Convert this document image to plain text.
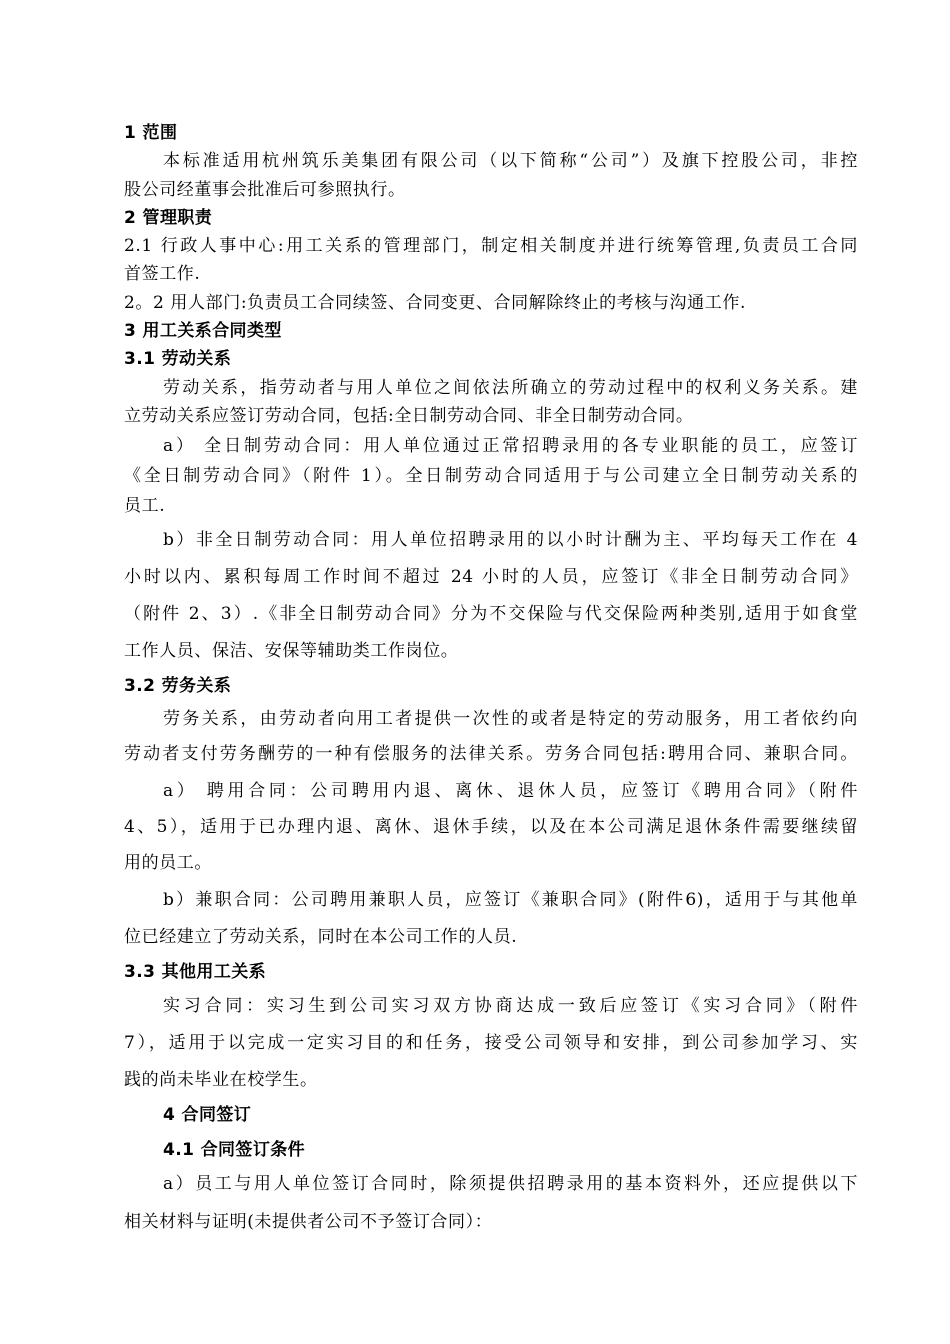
1 范围
本标准适用杭州筑乐美集团有限公司（以下简称“公司”）及旗下控股公司，非控
股公司经董事会批准后可参照执行。
2 管理职责
2.1 行政人事中心:用工关系的管理部门，制定相关制度并进行统筹管理,负责员工合同
首签工作.
2。2 用人部门:负责员工合同续签、合同变更、合同解除终止的考核与沟通工作.
3 用工关系合同类型
3.1 劳动关系
劳动关系，指劳动者与用人单位之间依法所确立的劳动过程中的权利义务关系。建
立劳动关系应签订劳动合同，包括:全日制劳动合同、非全日制劳动合同。
a） 全日制劳动合同：用人单位通过正常招聘录用的各专业职能的员工，应签订
《全日制劳动合同》（附件 1）。全日制劳动合同适用于与公司建立全日制劳动关系的
员工.
b）非全日制劳动合同：用人单位招聘录用的以小时计酬为主、平均每天工作在 4
小时以内、累积每周工作时间不超过 24 小时的人员，应签订《非全日制劳动合同》
（附件 2、3）.《非全日制劳动合同》分为不交保险与代交保险两种类别,适用于如食堂
工作人员、保洁、安保等辅助类工作岗位。
3.2 劳务关系
劳务关系，由劳动者向用工者提供一次性的或者是特定的劳动服务，用工者依约向
劳动者支付劳务酬劳的一种有偿服务的法律关系。劳务合同包括:聘用合同、兼职合同。
a） 聘用合同：公司聘用内退、离休、退休人员，应签订《聘用合同》（附件
4、5），适用于已办理内退、离休、退休手续，以及在本公司满足退休条件需要继续留
用的员工。
b）兼职合同：公司聘用兼职人员，应签订《兼职合同》(附件6)，适用于与其他单
位已经建立了劳动关系，同时在本公司工作的人员.
3.3 其他用工关系
实习合同：实习生到公司实习双方协商达成一致后应签订《实习合同》（附件
7），适用于以完成一定实习目的和任务，接受公司领导和安排，到公司参加学习、实
践的尚未毕业在校学生。
4 合同签订
4.1 合同签订条件
a）员工与用人单位签订合同时，除须提供招聘录用的基本资料外，还应提供以下
相关材料与证明(未提供者公司不予签订合同）：
